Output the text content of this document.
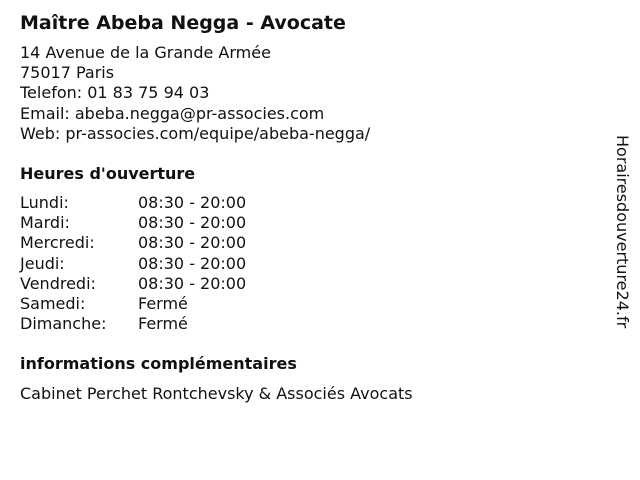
Maître Abeba Negga - Avocate
14 Avenue de la Grande Armée
75017 Paris
Telefon: 01 83 75 94 03
Email: abeba.negga@pr-associes.com
Web: pr-associes.com/equipe/abeba-negga/
Heures d'ouverture
Lundi:	08:30 - 20:00
Mardi:	08:30 - 20:00
Mercredi:	08:30 - 20:00
Jeudi:	08:30 - 20:00
Vendredi:	08:30 - 20:00
Samedi:	Fermé
Dimanche:	Fermé
informations complémentaires
Cabinet Perchet Rontchevsky & Associés Avocats
Horairesdouverture24.fr
